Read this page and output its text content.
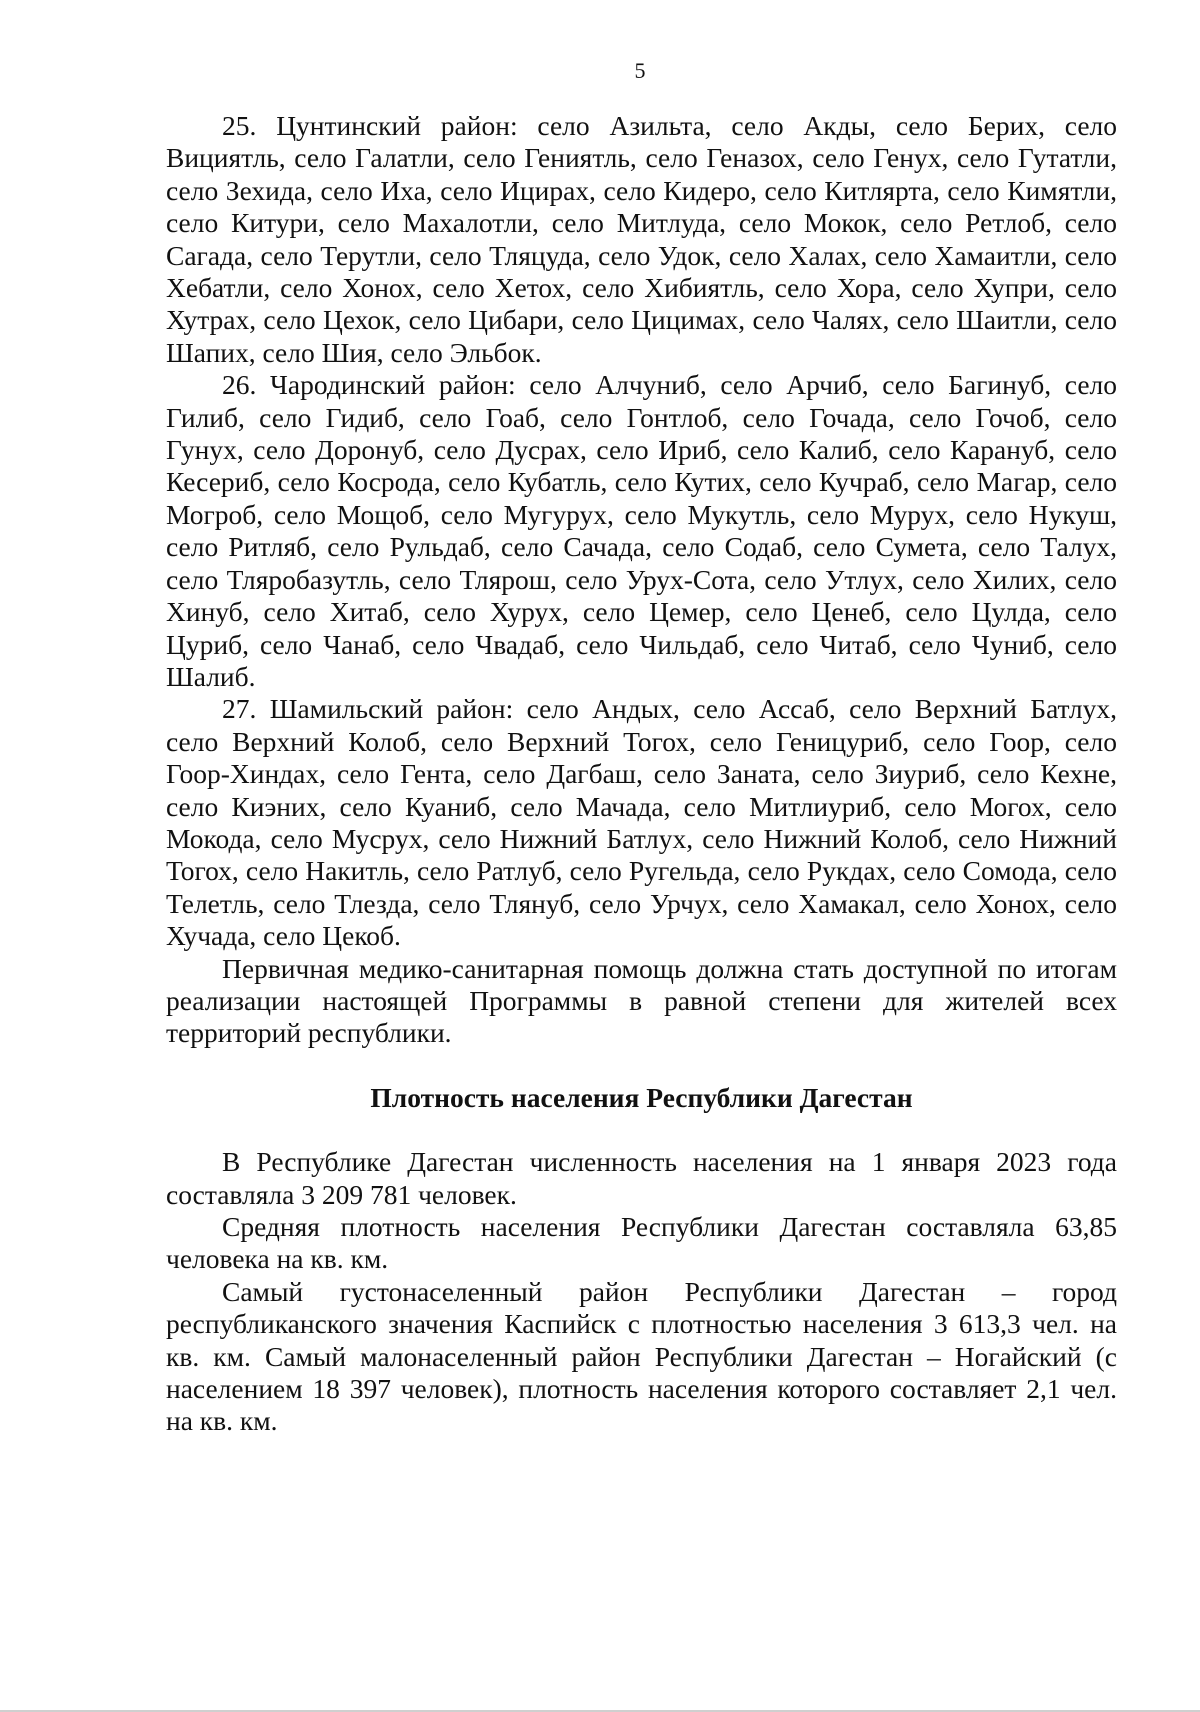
5

25. Цунтинский район: село Азильта, село Акды, село Берих, село Вициятль, село Галатли, село Гениятль, село Геназох, село Генух, село Гутатли, село Зехида, село Иха, село Ицирах, село Кидеро, село Китлярта, село Кимятли, село Китури, село Махалотли, село Митлуда, село Мокок, село Ретлоб, село Сагада, село Терутли, село Тляцуда, село Удок, село Халах, село Хамаитли, село Хебатли, село Хонох, село Хетох, село Хибиятль, село Хора, село Хупри, село Хутрах, село Цехок, село Цибари, село Цицимах, село Чалях, село Шаитли, село Шапих, село Шия, село Эльбок.

26. Чародинский район: село Алчуниб, село Арчиб, село Багинуб, село Гилиб, село Гидиб, село Гоаб, село Гонтлоб, село Гочада, село Гочоб, село Гунух, село Доронуб, село Дусрах, село Ириб, село Калиб, село Карануб, село Кесериб, село Косрода, село Кубатль, село Кутих, село Кучраб, село Магар, село Могроб, село Мощоб, село Мугурух, село Мукутль, село Мурух, село Нукуш, село Ритляб, село Рульдаб, село Сачада, село Содаб, село Сумета, село Талух, село Тляробазутль, село Тлярош, село Урух-Сота, село Утлух, село Хилих, село Хинуб, село Хитаб, село Хурух, село Цемер, село Ценеб, село Цулда, село Цуриб, село Чанаб, село Чвадаб, село Чильдаб, село Читаб, село Чуниб, село Шалиб.

27. Шамильский район: село Андых, село Ассаб, село Верхний Батлух, село Верхний Колоб, село Верхний Тогох, село Геницуриб, село Гоор, село Гоор-Хиндах, село Гента, село Дагбаш, село Заната, село Зиуриб, село Кехне, село Киэних, село Куаниб, село Мачада, село Митлиуриб, село Могох, село Мокода, село Мусрух, село Нижний Батлух, село Нижний Колоб, село Нижний Тогох, село Накитль, село Ратлуб, село Ругельда, село Рукдах, село Сомода, село Телетль, село Тлезда, село Тлянуб, село Урчух, село Хамакал, село Хонох, село Хучада, село Цекоб.

Первичная медико-санитарная помощь должна стать доступной по итогам реализации настоящей Программы в равной степени для жителей всех территорий республики.

Плотность населения Республики Дагестан

В Республике Дагестан численность населения на 1 января 2023 года составляла 3 209 781 человек.

Средняя плотность населения Республики Дагестан составляла 63,85 человека на кв. км.

Самый густонаселенный район Республики Дагестан – город республиканского значения Каспийск с плотностью населения 3 613,3 чел. на кв. км. Самый малонаселенный район Республики Дагестан – Ногайский (с населением 18 397 человек), плотность населения которого составляет 2,1 чел. на кв. км.
